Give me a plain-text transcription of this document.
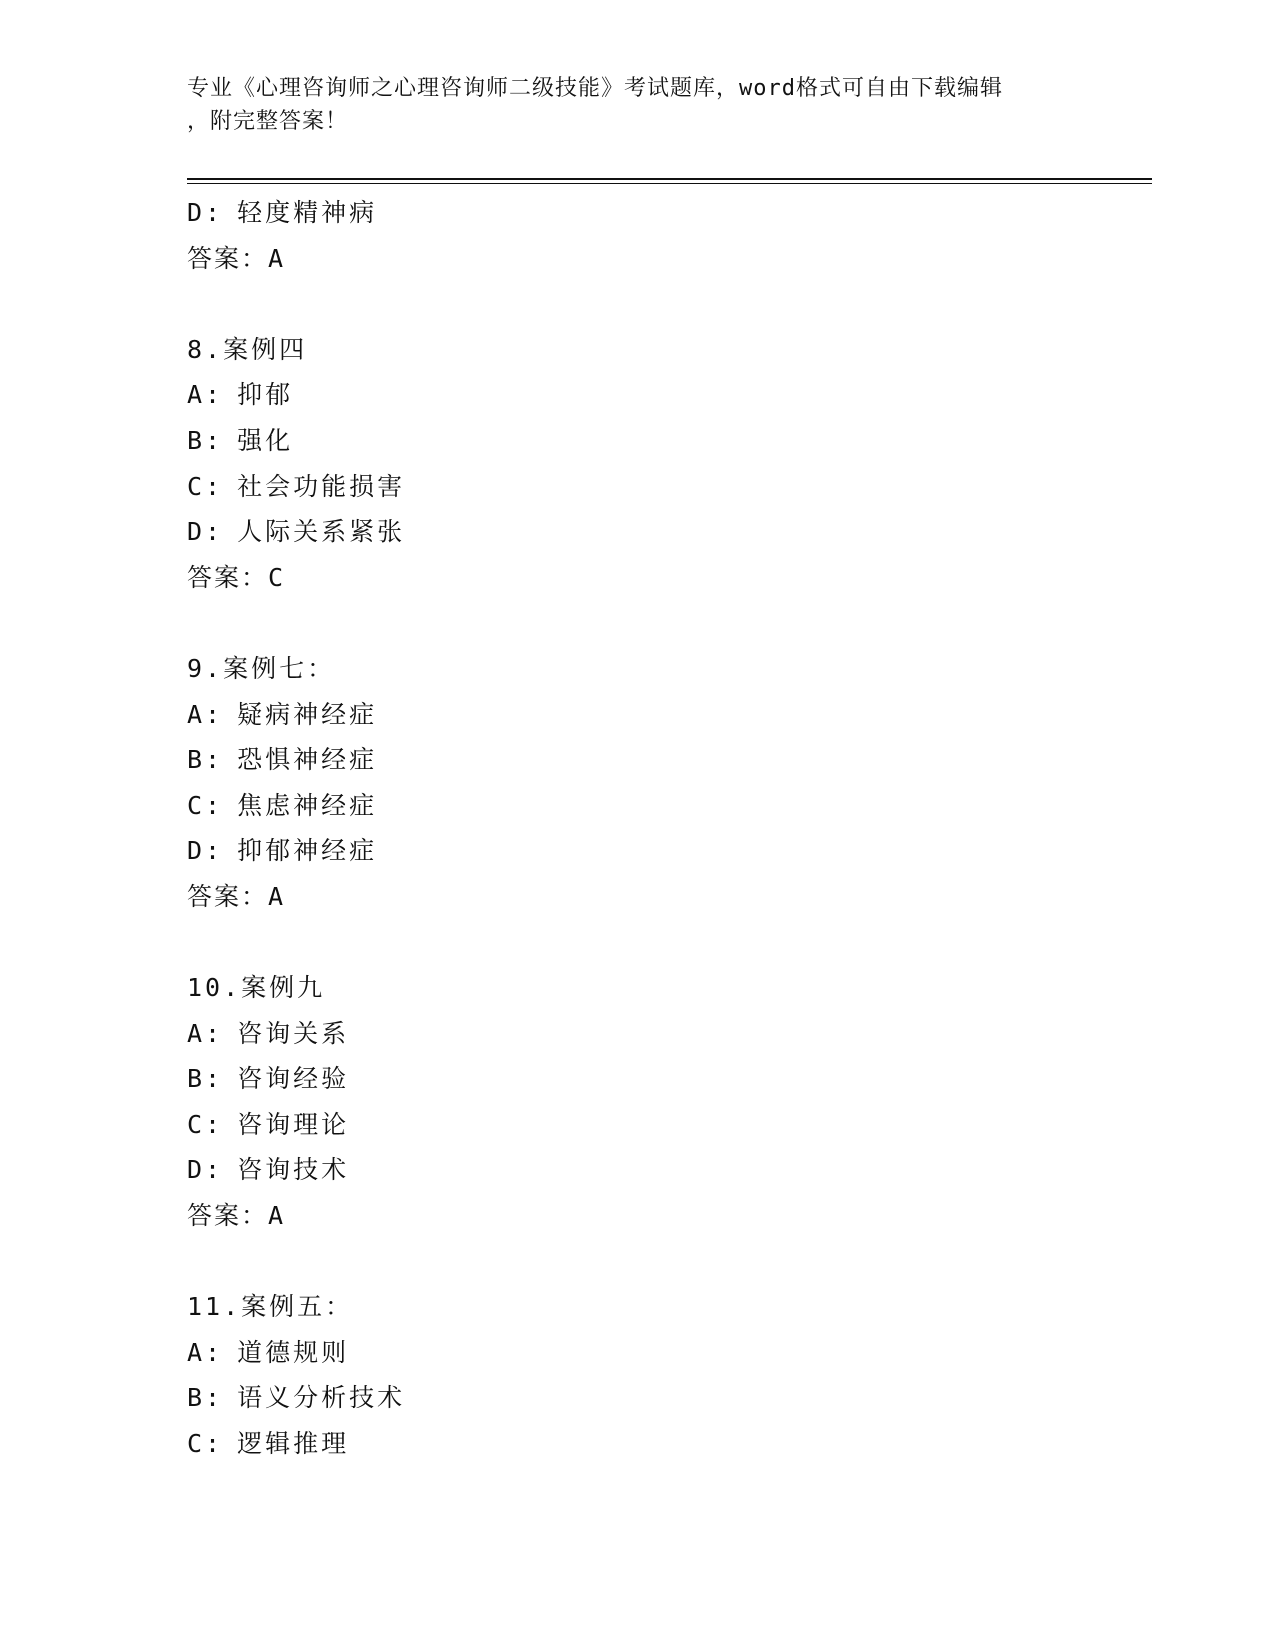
专业《心理咨询师之心理咨询师二级技能》考试题库，word格式可自由下载编辑
，附完整答案！
D: 轻度精神病
答案：A
8.案例四
A: 抑郁
B: 强化
C: 社会功能损害
D: 人际关系紧张
答案：C
9.案例七：
A: 疑病神经症
B: 恐惧神经症
C: 焦虑神经症
D: 抑郁神经症
答案：A
10.案例九
A: 咨询关系
B: 咨询经验
C: 咨询理论
D: 咨询技术
答案：A
11.案例五：
A: 道德规则
B: 语义分析技术
C: 逻辑推理
